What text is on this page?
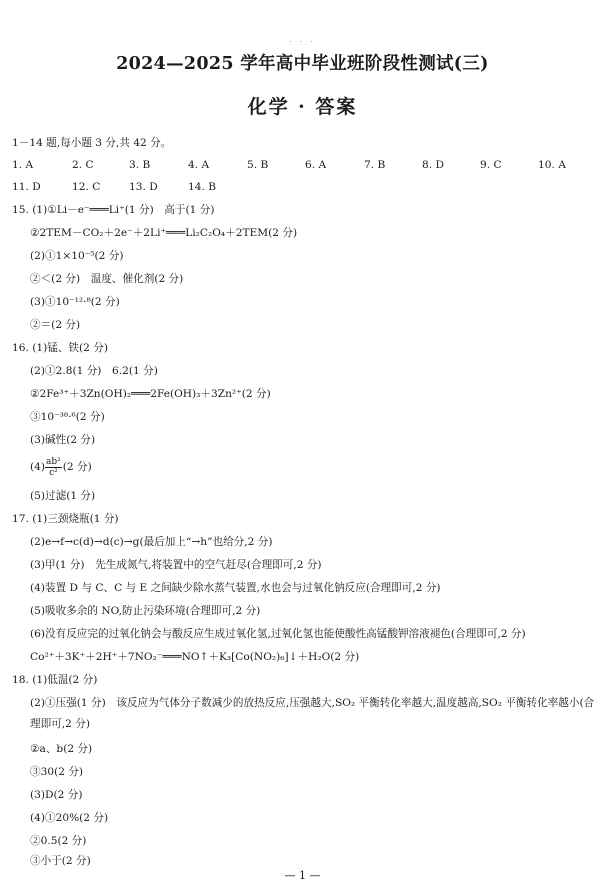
· · ·
2024—2025 学年高中毕业班阶段性测试(三)
化学 · 答案
1－14 题,每小题 3 分,共 42 分。
1. A	2. C	3. B	4. A	5. B	6. A	7. B	8. D	9. C	10. A
11. D	12. C	13. D	14. B
15. (1)①Li－e⁻═══Li⁺(1 分)　高于(1 分)
②2TEM－CO₂＋2e⁻＋2Li⁺═══Li₂C₂O₄＋2TEM(2 分)
(2)①1×10⁻⁵(2 分)
②＜(2 分)　温度、催化剂(2 分)
(3)①10⁻¹²·⁸(2 分)
②＝(2 分)
16. (1)锰、铁(2 分)
(2)①2.8(1 分)　6.2(1 分)
②2Fe³⁺＋3Zn(OH)₂═══2Fe(OH)₃＋3Zn²⁺(2 分)
③10⁻³⁸·⁶(2 分)
(3)碱性(2 分)
$(4) \frac{\text{ab²}}{\text{c²}} (2$ 分)
(5)过滤(1 分)
17. (1)三颈烧瓶(1 分)
(2)e→f→c(d)→d(c)→g(最后加上“→h”也给分,2 分)
(3)甲(1 分)　先生成氮气,将装置中的空气赶尽(合理即可,2 分)
(4)装置 D 与 C、C 与 E 之间缺少除水蒸气装置,水也会与过氧化钠反应(合理即可,2 分)
(5)吸收多余的 NO,防止污染环境(合理即可,2 分)
(6)没有反应完的过氧化钠会与酸反应生成过氧化氢,过氧化氢也能使酸性高锰酸钾溶液褪色(合理即可,2 分)
Co²⁺＋3K⁺＋2H⁺＋7NO₂⁻═══NO↑＋K₃[Co(NO₂)₆]↓＋H₂O(2 分)
18. (1)低温(2 分)
(2)①压强(1 分)　该反应为气体分子数减少的放热反应,压强越大,SO₂ 平衡转化率越大,温度越高,SO₂ 平衡转化率越小(合理即可,2 分)
②a、b(2 分)
③30(2 分)
(3)D(2 分)
(4)①20%(2 分)
②0.5(2 分)
③小于(2 分)
— 1 —
